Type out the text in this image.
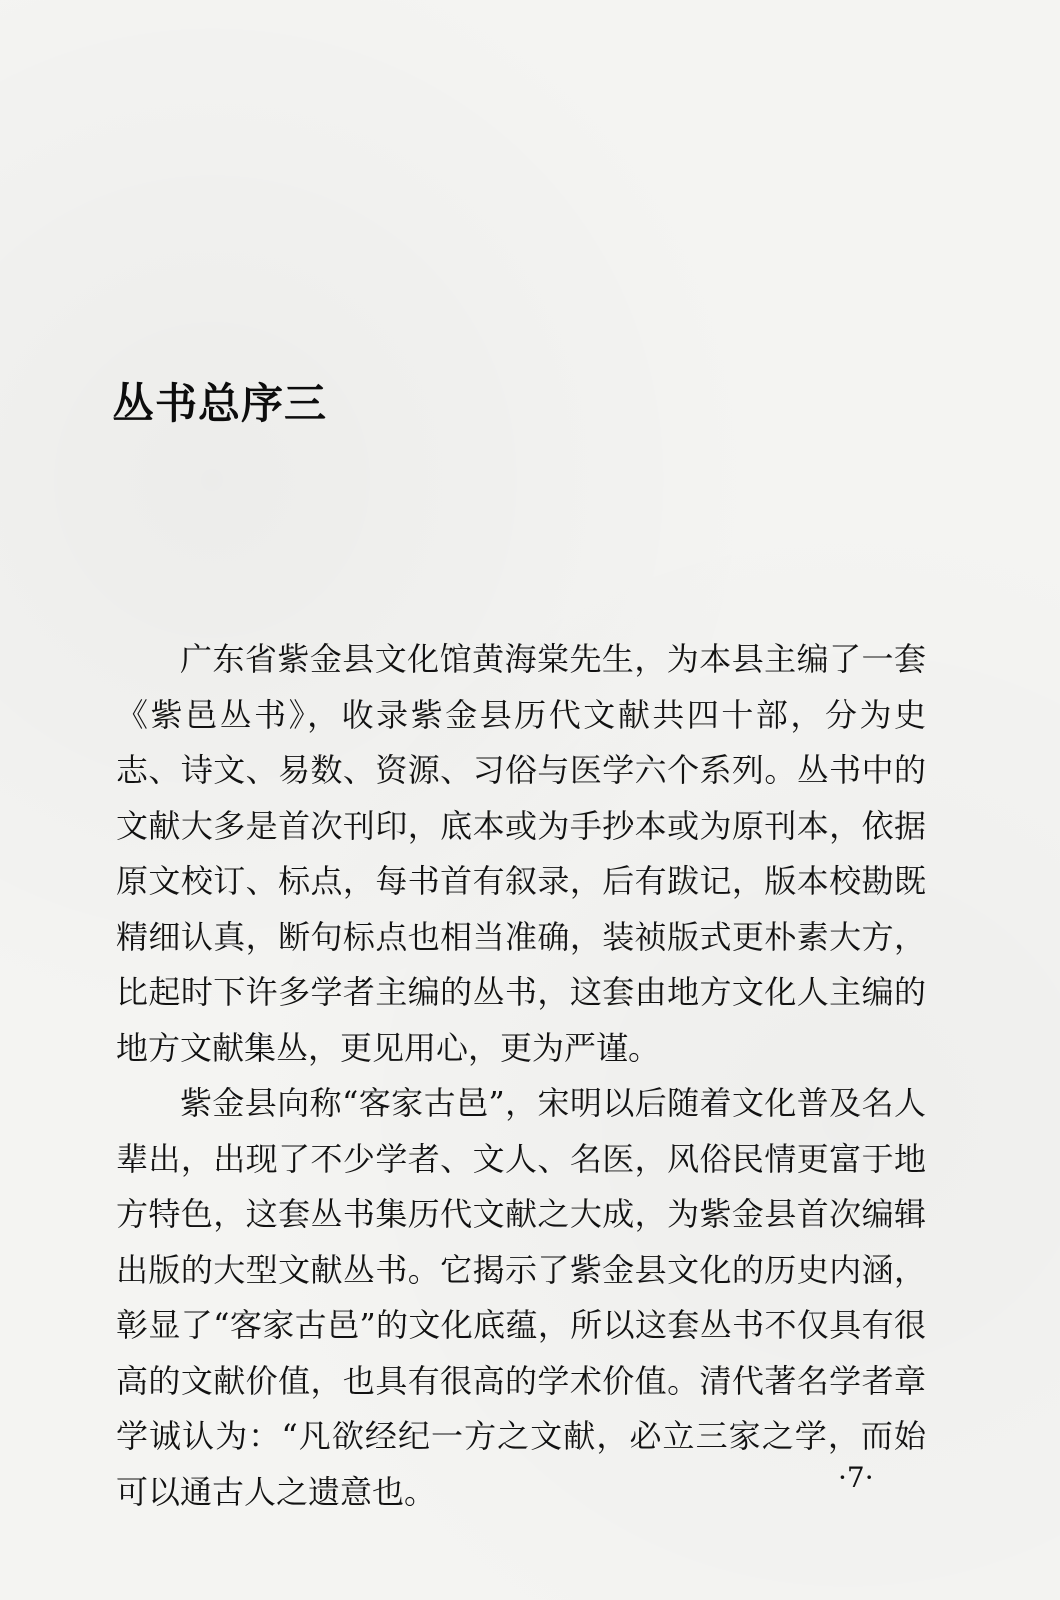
丛书总序三

广东省紫金县文化馆黄海棠先生，为本县主编了一套《紫邑丛书》，收录紫金县历代文献共四十部，分为史志、诗文、易数、资源、习俗与医学六个系列。丛书中的文献大多是首次刊印，底本或为手抄本或为原刊本，依据原文校订、标点，每书首有叙录，后有跋记，版本校勘既精细认真，断句标点也相当准确，装祯版式更朴素大方，比起时下许多学者主编的丛书，这套由地方文化人主编的地方文献集丛，更见用心，更为严谨。

紫金县向称“客家古邑”，宋明以后随着文化普及名人辈出，出现了不少学者、文人、名医，风俗民情更富于地方特色，这套丛书集历代文献之大成，为紫金县首次编辑出版的大型文献丛书。它揭示了紫金县文化的历史内涵，彰显了“客家古邑”的文化底蕴，所以这套丛书不仅具有很高的文献价值，也具有很高的学术价值。清代著名学者章学诚认为：“凡欲经纪一方之文献，必立三家之学，而始可以通古人之遗意也。	·7·
